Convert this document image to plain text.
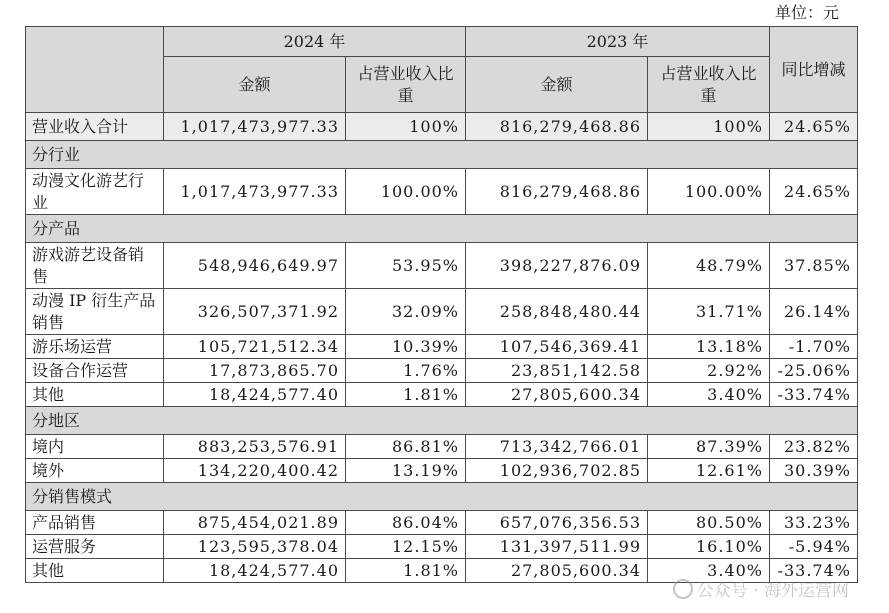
单位：元
	2024 年		2023 年		同比增减
	金额	占营业收入比重	金额	占营业收入比重	
营业收入合计	1,017,473,977.33	100%	816,279,468.86	100%	24.65%
分行业					
动漫文化游艺行业	1,017,473,977.33	100.00%	816,279,468.86	100.00%	24.65%
分产品					
游戏游艺设备销售	548,946,649.97	53.95%	398,227,876.09	48.79%	37.85%
动漫 IP 衍生产品销售	326,507,371.92	32.09%	258,848,480.44	31.71%	26.14%
游乐场运营	105,721,512.34	10.39%	107,546,369.41	13.18%	-1.70%
设备合作运营	17,873,865.70	1.76%	23,851,142.58	2.92%	-25.06%
其他	18,424,577.40	1.81%	27,805,600.34	3.40%	-33.74%
分地区					
境内	883,253,576.91	86.81%	713,342,766.01	87.39%	23.82%
境外	134,220,400.42	13.19%	102,936,702.85	12.61%	30.39%
分销售模式					
产品销售	875,454,021.89	86.04%	657,076,356.53	80.50%	33.23%
运营服务	123,595,378.04	12.15%	131,397,511.99	16.10%	-5.94%
其他	18,424,577.40	1.81%	27,805,600.34	3.40%	-33.74%
公众号 · 海外运营网
